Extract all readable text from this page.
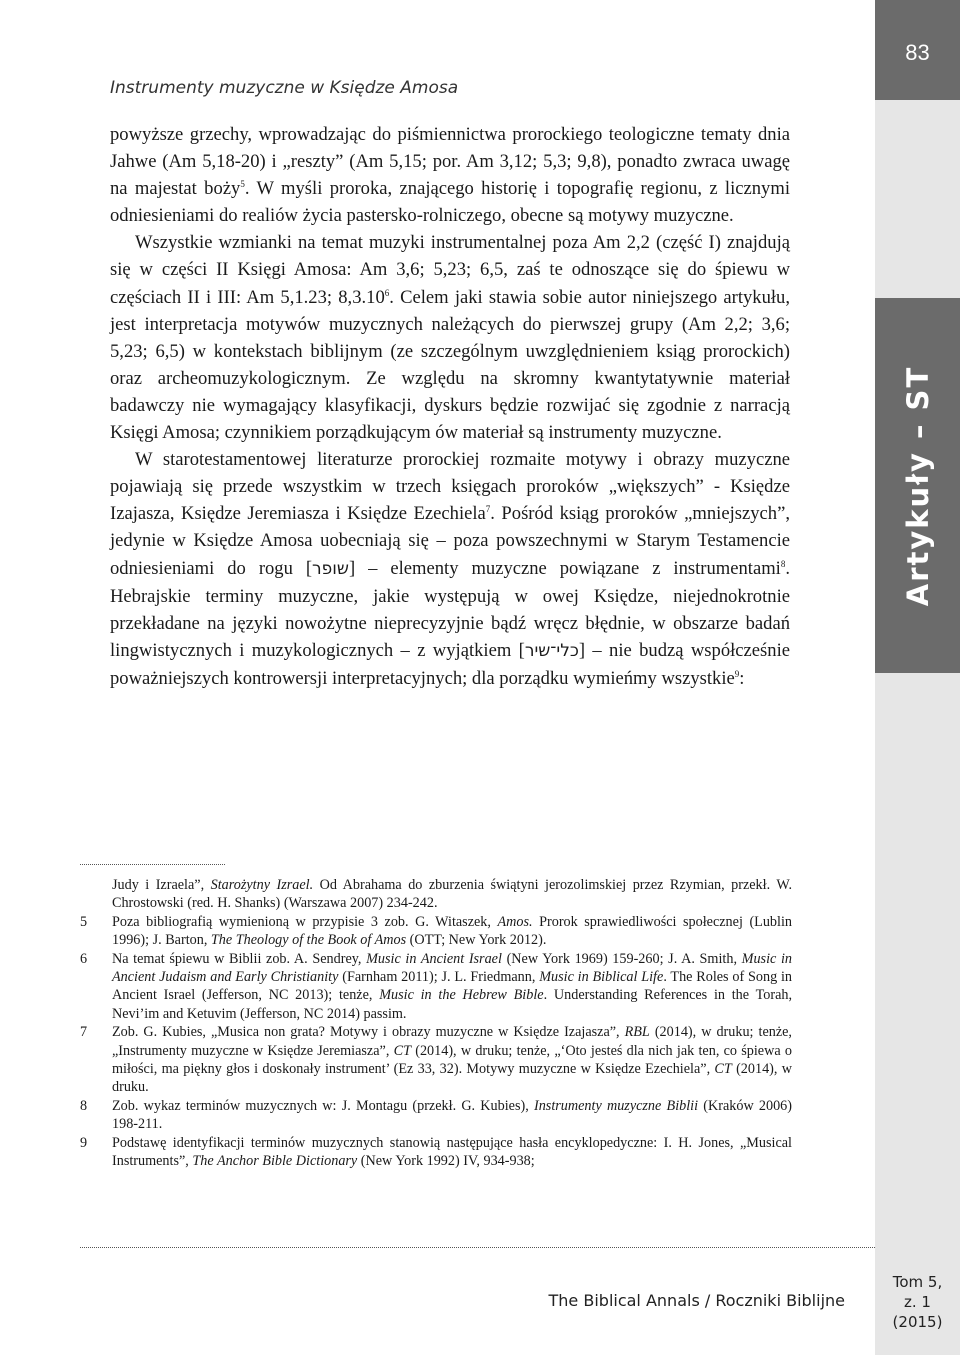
83
Artykuły – ST
Instrumenty muzyczne w Księdze Amosa

powyższe grzechy, wprowadzając do piśmiennictwa prorockiego teologiczne tematy dnia Jahwe (Am 5,18-20) i „reszty” (Am 5,15; por. Am 3,12; 5,3; 9,8), ponadto zwraca uwagę na majestat boży$^5$. W myśli proroka, znającego historię i topografię regionu, z licznymi odniesieniami do realiów życia pastersko-rolniczego, obecne są motywy muzyczne.

Wszystkie wzmianki na temat muzyki instrumentalnej poza Am 2,2 (część I) znajdują się w części II Księgi Amosa: Am 3,6; 5,23; 6,5, zaś te odnoszące się do śpiewu w częściach II i III: Am 5,1.23; 8,3.10$^6$. Celem jaki stawia sobie autor niniejszego artykułu, jest interpretacja motywów muzycznych należących do pierwszej grupy (Am 2,2; 3,6; 5,23; 6,5) w kontekstach biblijnym (ze szczególnym uwzględnieniem ksiąg prorockich) oraz archeomuzykologicznym. Ze względu na skromny kwantytatywnie materiał badawczy nie wymagający klasyfikacji, dyskurs będzie rozwijać się zgodnie z narracją Księgi Amosa; czynnikiem porządkującym ów materiał są instrumenty muzyczne.

W starotestamentowej literaturze prorockiej rozmaite motywy i obrazy muzyczne pojawiają się przede wszystkim w trzech księgach proroków „większych” - Księdze Izajasza, Księdze Jeremiasza i Księdze Ezechiela$^7$. Pośród ksiąg proroków „mniejszych”, jedynie w Księdze Amosa uobecniają się – poza powszechnymi w Starym Testamencie odniesieniami do rogu [שופר] – elementy muzyczne powiązane z instrumentami$^8$. Hebrajskie terminy muzyczne, jakie występują w owej Księdze, niejednokrotnie przekładane na języki nowożytne nieprecyzyjnie bądź wręcz błędnie, w obszarze badań lingwistycznych i muzykologicznych – z wyjątkiem [כלי־שיר] – nie budzą współcześnie poważniejszych kontrowersji interpretacyjnych; dla porządku wymieńmy wszystkie$^9$:

Judy i Izraela”, Starożytny Izrael. Od Abrahama do zburzenia świątyni jerozolimskiej przez Rzymian, przekł. W. Chrostowski (red. H. Shanks) (Warszawa 2007) 234-242.
5	Poza bibliografią wymienioną w przypisie 3 zob. G. Witaszek, Amos. Prorok sprawiedliwości społecznej (Lublin 1996); J. Barton, The Theology of the Book of Amos (OTT; New York 2012).
6	Na temat śpiewu w Biblii zob. A. Sendrey, Music in Ancient Israel (New York 1969) 159-260; J. A. Smith, Music in Ancient Judaism and Early Christianity (Farnham 2011); J. L. Friedmann, Music in Biblical Life. The Roles of Song in Ancient Israel (Jefferson, NC 2013); tenże, Music in the Hebrew Bible. Understanding References in the Torah, Nevi’im and Ketuvim (Jefferson, NC 2014) passim.
7	Zob. G. Kubies, „Musica non grata? Motywy i obrazy muzyczne w Księdze Izajasza”, RBL (2014), w druku; tenże, „Instrumenty muzyczne w Księdze Jeremiasza”, CT (2014), w druku; tenże, „‘Oto jesteś dla nich jak ten, co śpiewa o miłości, ma piękny głos i doskonały instrument’ (Ez 33, 32). Motywy muzyczne w Księdze Ezechiela”, CT (2014), w druku.
8	Zob. wykaz terminów muzycznych w: J. Montagu (przekł. G. Kubies), Instrumenty muzyczne Biblii (Kraków 2006) 198-211.
9	Podstawę identyfikacji terminów muzycznych stanowią następujące hasła encyklopedyczne: I. H. Jones, „Musical Instruments”, The Anchor Bible Dictionary (New York 1992) IV, 934-938;
The Biblical Annals / Roczniki Biblijne
Tom 5,
z. 1
(2015)
